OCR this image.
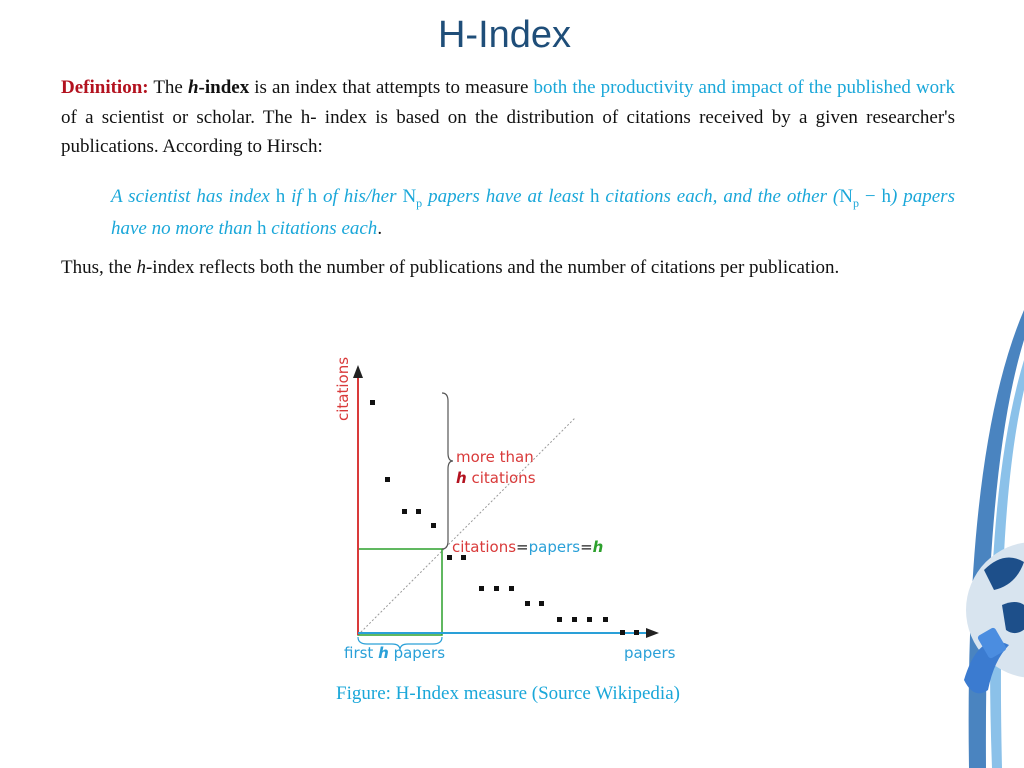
H-Index
Definition: The h-index is an index that attempts to measure both the productivity and impact of the published work of a scientist or scholar. The h- index is based on the distribution of citations received by a given researcher's publications. According to Hirsch:
A scientist has index h if h of his/her $N_p$ papers have at least h citations each, and the other $(N_p - h)$ papers have no more than h citations each.
Thus, the h-index reflects both the number of publications and the number of citations per publication.
citations
papers
first h papers
more than
h citations
citations=papers=h
Figure: H-Index measure (Source Wikipedia)
